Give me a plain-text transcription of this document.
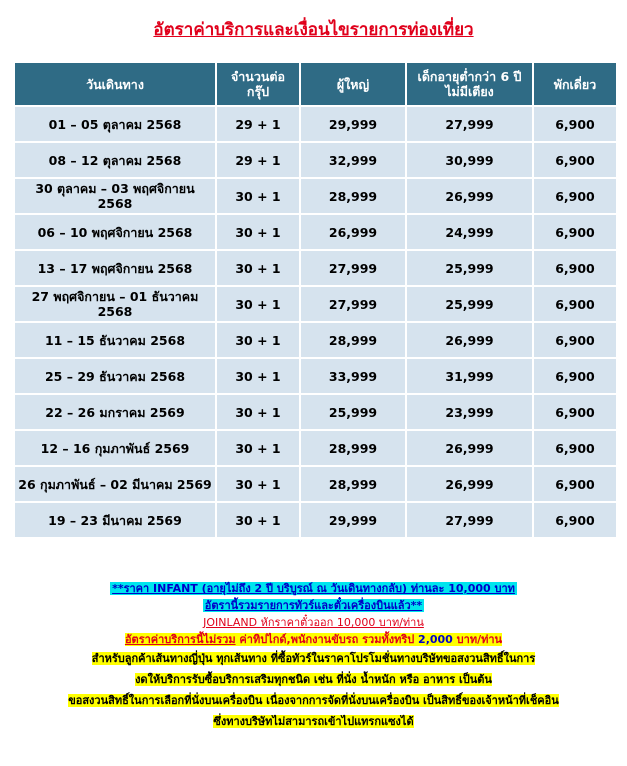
อัตราค่าบริการและเงื่อนไขรายการท่องเที่ยว
วันเดินทาง	จำนวนต่อ กรุ๊ป	ผู้ใหญ่	เด็กอายุต่ำกว่า 6 ปี ไม่มีเตียง	พักเดี่ยว
01 – 05 ตุลาคม 2568	29 + 1	29,999	27,999	6,900
08 – 12 ตุลาคม 2568	29 + 1	32,999	30,999	6,900
30 ตุลาคม – 03 พฤศจิกายน 2568	30 + 1	28,999	26,999	6,900
06 – 10 พฤศจิกายน 2568	30 + 1	26,999	24,999	6,900
13 – 17 พฤศจิกายน 2568	30 + 1	27,999	25,999	6,900
27 พฤศจิกายน – 01 ธันวาคม 2568	30 + 1	27,999	25,999	6,900
11 – 15 ธันวาคม 2568	30 + 1	28,999	26,999	6,900
25 – 29 ธันวาคม 2568	30 + 1	33,999	31,999	6,900
22 – 26 มกราคม 2569	30 + 1	25,999	23,999	6,900
12 – 16 กุมภาพันธ์ 2569	30 + 1	28,999	26,999	6,900
26 กุมภาพันธ์ – 02 มีนาคม 2569	30 + 1	28,999	26,999	6,900
19 – 23 มีนาคม 2569	30 + 1	29,999	27,999	6,900
**ราคา INFANT (อายุไม่ถึง 2 ปี บริบูรณ์ ณ วันเดินทางกลับ) ท่านละ 10,000 บาท
อัตรานี้รวมรายการทัวร์และตั๋วเครื่องบินแล้ว**
JOINLAND หักราคาตั๋วออก 10,000 บาท/ท่าน
อัตราค่าบริการนี้ไม่รวม ค่าทิปไกด์,พนักงานขับรถ รวมทั้งทริป 2,000 บาท/ท่าน
สำหรับลูกค้าเส้นทางญี่ปุ่น ทุกเส้นทาง ที่ซื้อทัวร์ในราคาโปรโมชั่นทางบริษัทขอสงวนสิทธิ์ในการ
งดให้บริการรับซื้อบริการเสริมทุกชนิด เช่น ที่นั่ง น้ำหนัก หรือ อาหาร เป็นต้น
ขอสงวนสิทธิ์ในการเลือกที่นั่งบนเครื่องบิน เนื่องจากการจัดที่นั่งบนเครื่องบิน เป็นสิทธิ์ของเจ้าหน้าที่เช็คอิน
ซึ่งทางบริษัทไม่สามารถเข้าไปแทรกแซงได้
